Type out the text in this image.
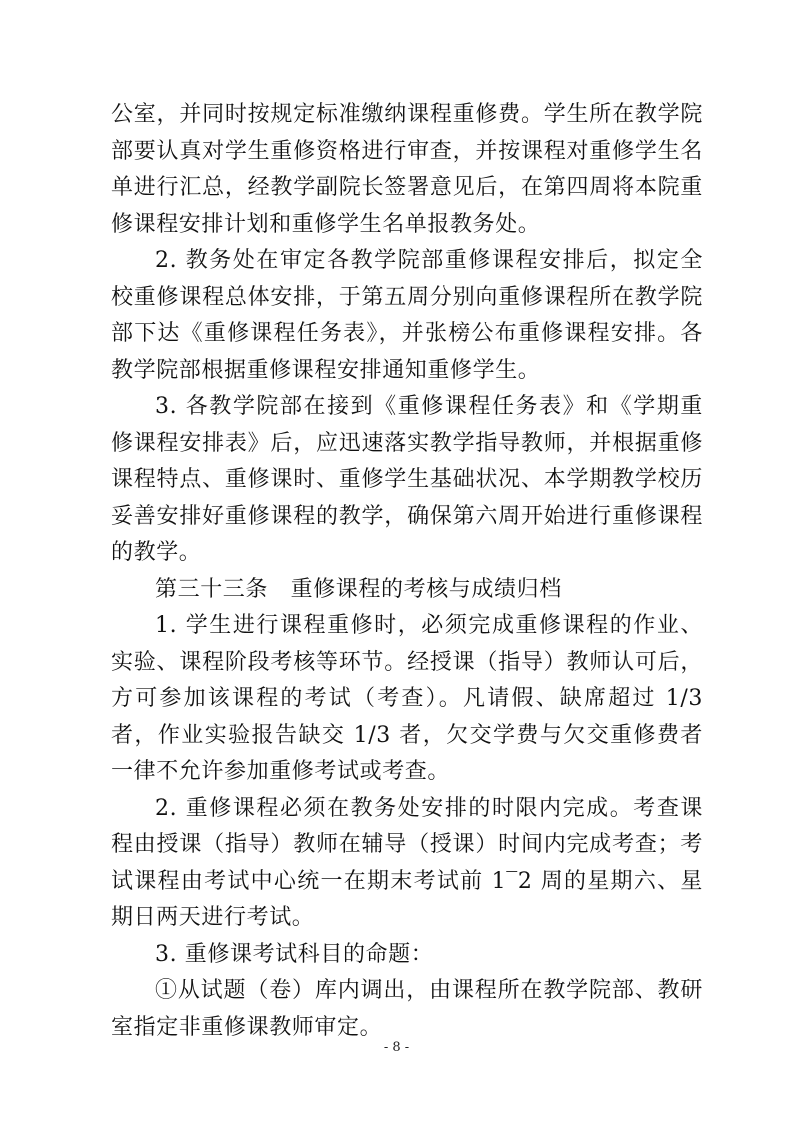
公室，并同时按规定标准缴纳课程重修费。学生所在教学院部要认真对学生重修资格进行审查，并按课程对重修学生名单进行汇总，经教学副院长签署意见后，在第四周将本院重修课程安排计划和重修学生名单报教务处。

2. 教务处在审定各教学院部重修课程安排后，拟定全校重修课程总体安排，于第五周分别向重修课程所在教学院部下达《重修课程任务表》，并张榜公布重修课程安排。各教学院部根据重修课程安排通知重修学生。

3. 各教学院部在接到《重修课程任务表》和《学期重修课程安排表》后，应迅速落实教学指导教师，并根据重修课程特点、重修课时、重修学生基础状况、本学期教学校历妥善安排好重修课程的教学，确保第六周开始进行重修课程的教学。

第三十三条　重修课程的考核与成绩归档

1. 学生进行课程重修时，必须完成重修课程的作业、实验、课程阶段考核等环节。经授课（指导）教师认可后，方可参加该课程的考试（考查）。凡请假、缺席超过 1/3 者，作业实验报告缺交 1/3 者，欠交学费与欠交重修费者一律不允许参加重修考试或考查。

2. 重修课程必须在教务处安排的时限内完成。考查课程由授课（指导）教师在辅导（授课）时间内完成考查；考试课程由考试中心统一在期末考试前 1‾2 周的星期六、星期日两天进行考试。

3. 重修课考试科目的命题：

①从试题（卷）库内调出，由课程所在教学院部、教研室指定非重修课教师审定。

- 8 -
